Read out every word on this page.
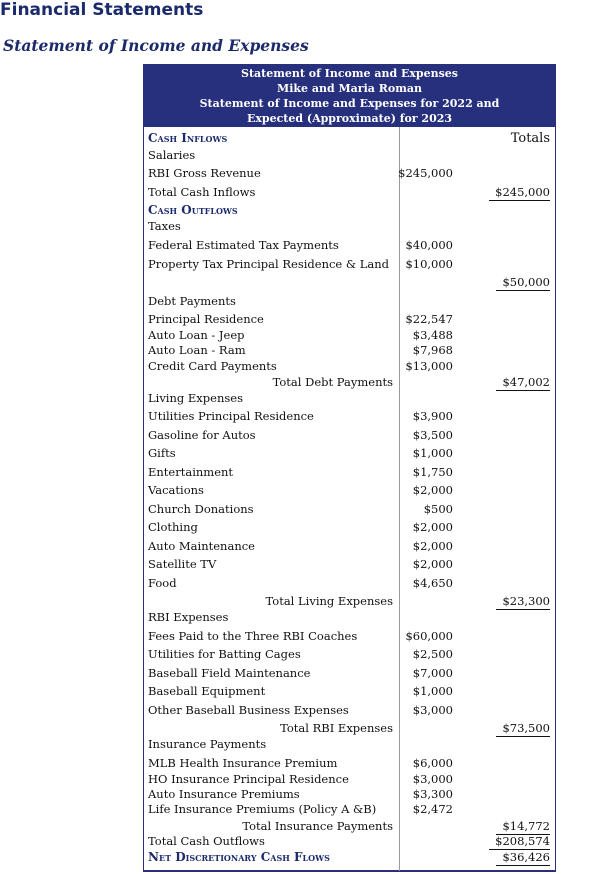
Financial Statements
Statement of Income and Expenses
Statement of Income and Expenses
Mike and Maria Roman
Statement of Income and Expenses for 2022 and
Expected (Approximate) for 2023
Cash Inflows	Totals
Salaries
RBI Gross Revenue	$245,000
Total Cash Inflows	$245,000
Cash Outflows
Taxes
Federal Estimated Tax Payments	$40,000
Property Tax Principal Residence & Land $10,000
$50,000
Debt Payments
Principal Residence	$22,547
Auto Loan - Jeep	$3,488
Auto Loan - Ram	$7,968
Credit Card Payments	$13,000
Total Debt Payments	$47,002
Living Expenses
Utilities Principal Residence	$3,900
Gasoline for Autos	$3,500
Gifts	$1,000
Entertainment	$1,750
Vacations	$2,000
Church Donations	$500
Clothing	$2,000
Auto Maintenance	$2,000
Satellite TV	$2,000
Food	$4,650
Total Living Expenses	$23,300
RBI Expenses
Fees Paid to the Three RBI Coaches	$60,000
Utilities for Batting Cages	$2,500
Baseball Field Maintenance	$7,000
Baseball Equipment	$1,000
Other Baseball Business Expenses	$3,000
Total RBI Expenses	$73,500
Insurance Payments
MLB Health Insurance Premium	$6,000
HO Insurance Principal Residence	$3,000
Auto Insurance Premiums	$3,300
Life Insurance Premiums (Policy A &B)	$2,472
Total Insurance Payments	$14,772
Total Cash Outflows	$208,574
Net Discretionary Cash Flows	$36,426
